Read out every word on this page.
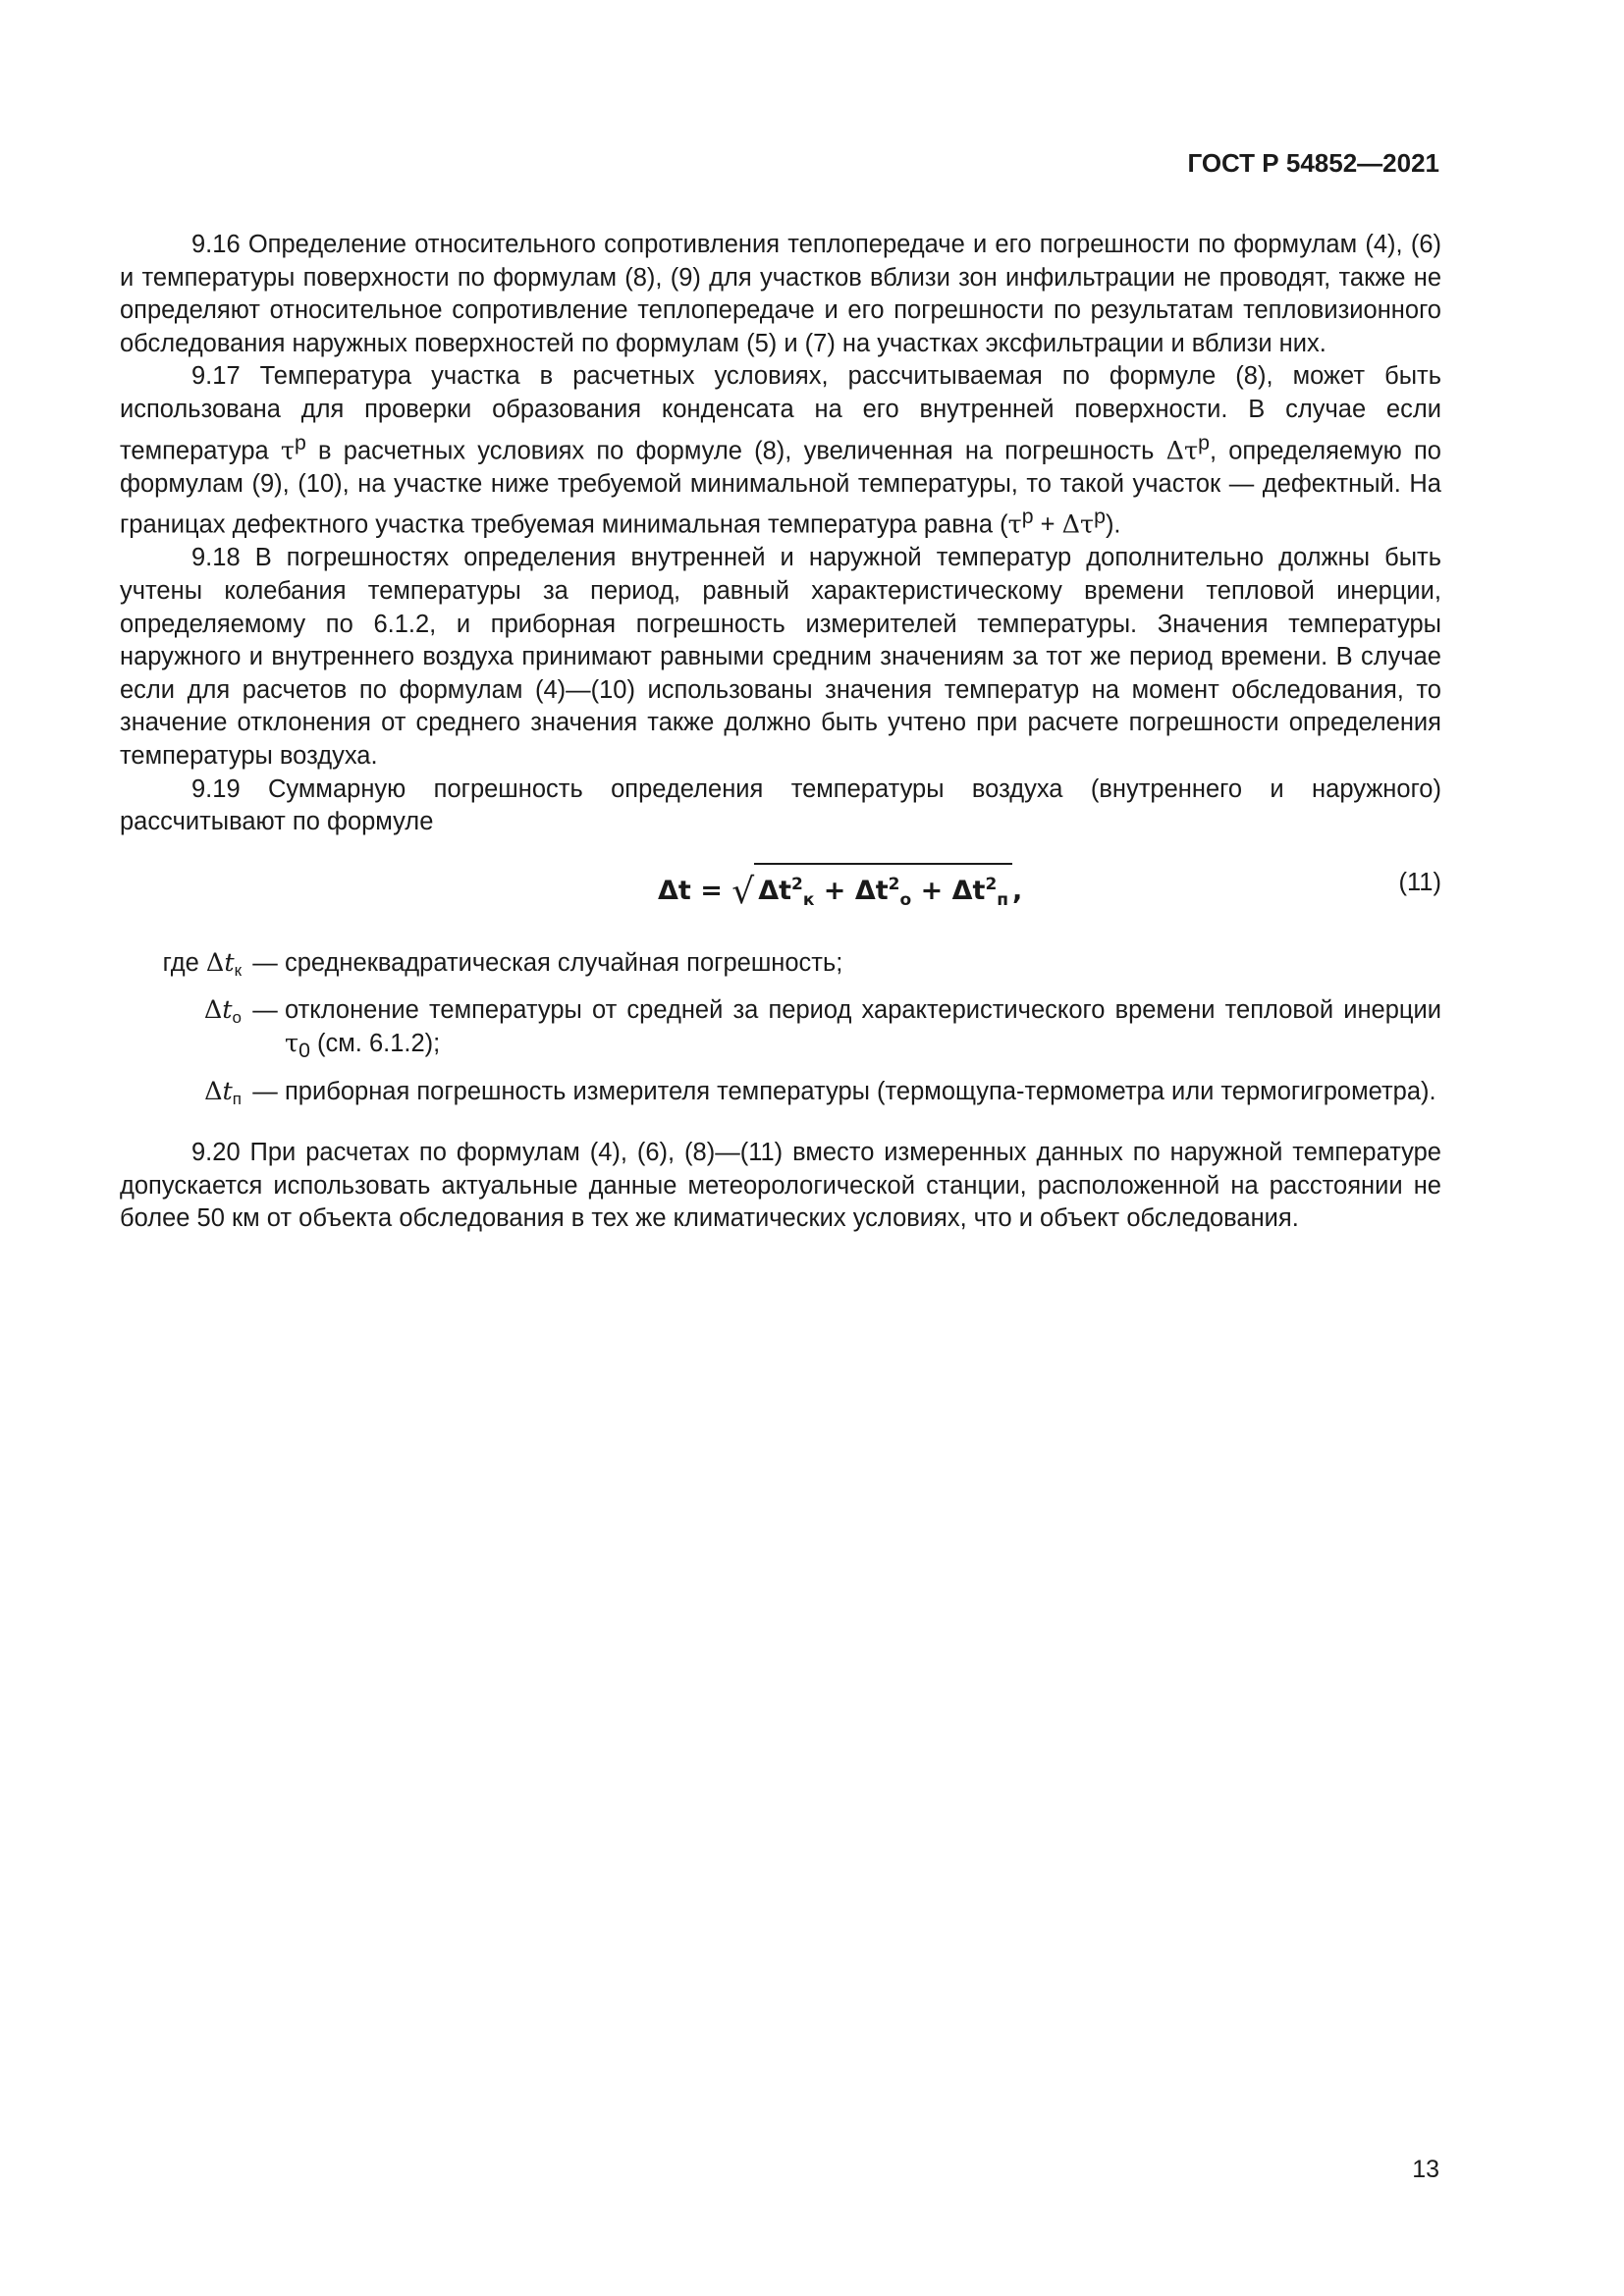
ГОСТ Р 54852—2021

9.16 Определение относительного сопротивления теплопередаче и его погрешности по формулам (4), (6) и температуры поверхности по формулам (8), (9) для участков вблизи зон инфильтрации не проводят, также не определяют относительное сопротивление теплопередаче и его погрешности по результатам тепловизионного обследования наружных поверхностей по формулам (5) и (7) на участках эксфильтрации и вблизи них.

9.17 Температура участка в расчетных условиях, рассчитываемая по формуле (8), может быть использована для проверки образования конденсата на его внутренней поверхности. В случае если температура $\tau^р$ в расчетных условиях по формуле (8), увеличенная на погрешность $\Delta\tau^р$, определяемую по формулам (9), (10), на участке ниже требуемой минимальной температуры, то такой участок — дефектный. На границах дефектного участка требуемая минимальная температура равна $(\tau^р + \Delta\tau^р)$.

9.18 В погрешностях определения внутренней и наружной температур дополнительно должны быть учтены колебания температуры за период, равный характеристическому времени тепловой инерции, определяемому по 6.1.2, и приборная погрешность измерителей температуры. Значения температуры наружного и внутреннего воздуха принимают равными средним значениям за тот же период времени. В случае если для расчетов по формулам (4)—(10) использованы значения температур на момент обследования, то значение отклонения от среднего значения также должно быть учтено при расчете погрешности определения температуры воздуха.

9.19 Суммарную погрешность определения температуры воздуха (внутреннего и наружного) рассчитывают по формуле

Δt = √ $\Delta t^2_к + \Delta t^2_о + \Delta t^2_п$ ,	(11)
где $\Delta t_к$ — среднеквадратическая случайная погрешность;
$\Delta t_о$ — отклонение температуры от средней за период характеристического времени тепловой инерции $\tau_0$ (см. 6.1.2);
$\Delta t_п$ — приборная погрешность измерителя температуры (термощупа-термометра или термогигрометра).

9.20 При расчетах по формулам (4), (6), (8)—(11) вместо измеренных данных по наружной температуре допускается использовать актуальные данные метеорологической станции, расположенной на расстоянии не более 50 км от объекта обследования в тех же климатических условиях, что и объект обследования.

13
